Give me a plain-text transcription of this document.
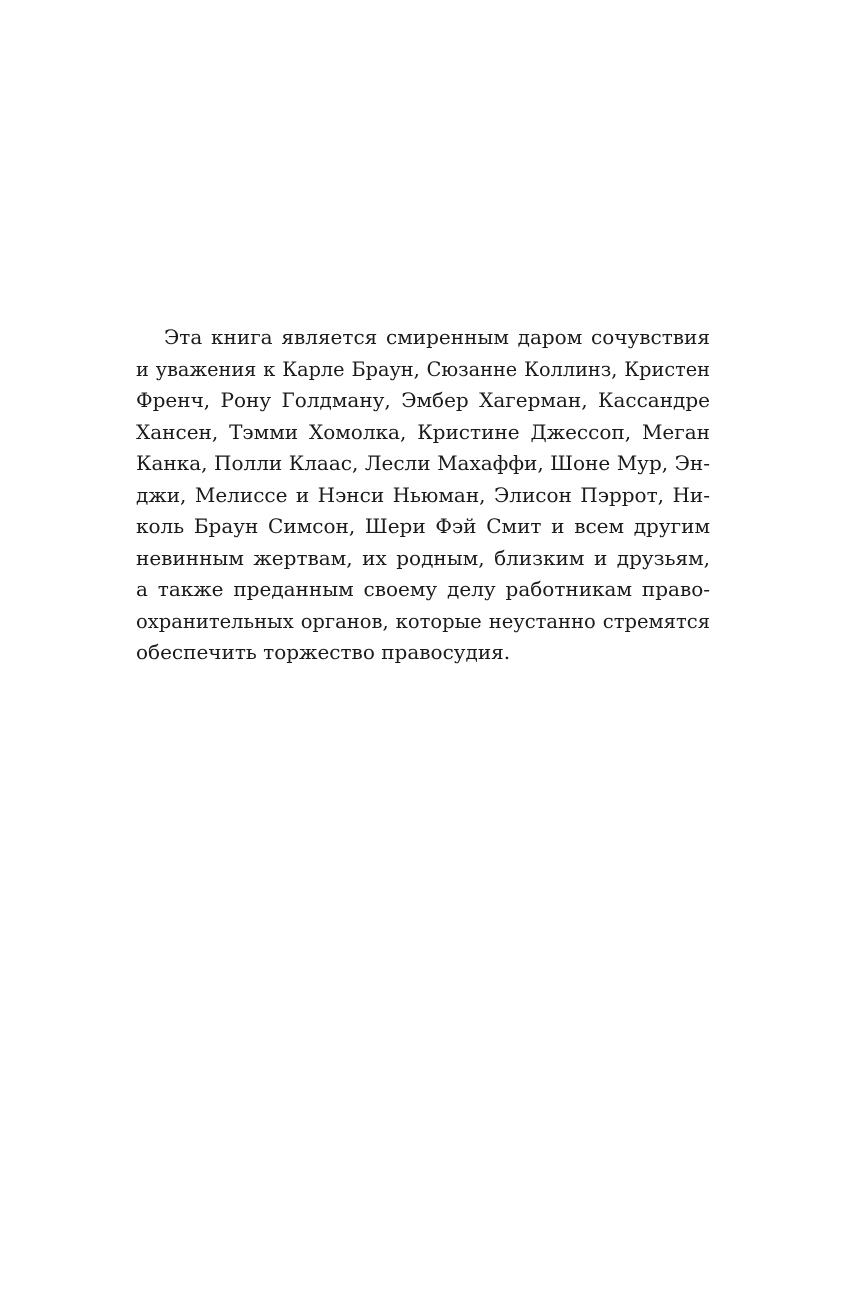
Эта книга является смиренным даром сочувствия
и уважения к Карле Браун, Сюзанне Коллинз, Кристен
Френч, Рону Голдману, Эмбер Хагерман, Кассандре
Хансен, Тэмми Хомолка, Кристине Джессоп, Меган
Канка, Полли Клаас, Лесли Махаффи, Шоне Мур, Эн-
джи, Мелиссе и Нэнси Ньюман, Элисон Пэррот, Ни-
коль Браун Симсон, Шери Фэй Смит и всем другим
невинным жертвам, их родным, близким и друзьям,
а также преданным своему делу работникам право-
охранительных органов, которые неустанно стремятся
обеспечить торжество правосудия.
